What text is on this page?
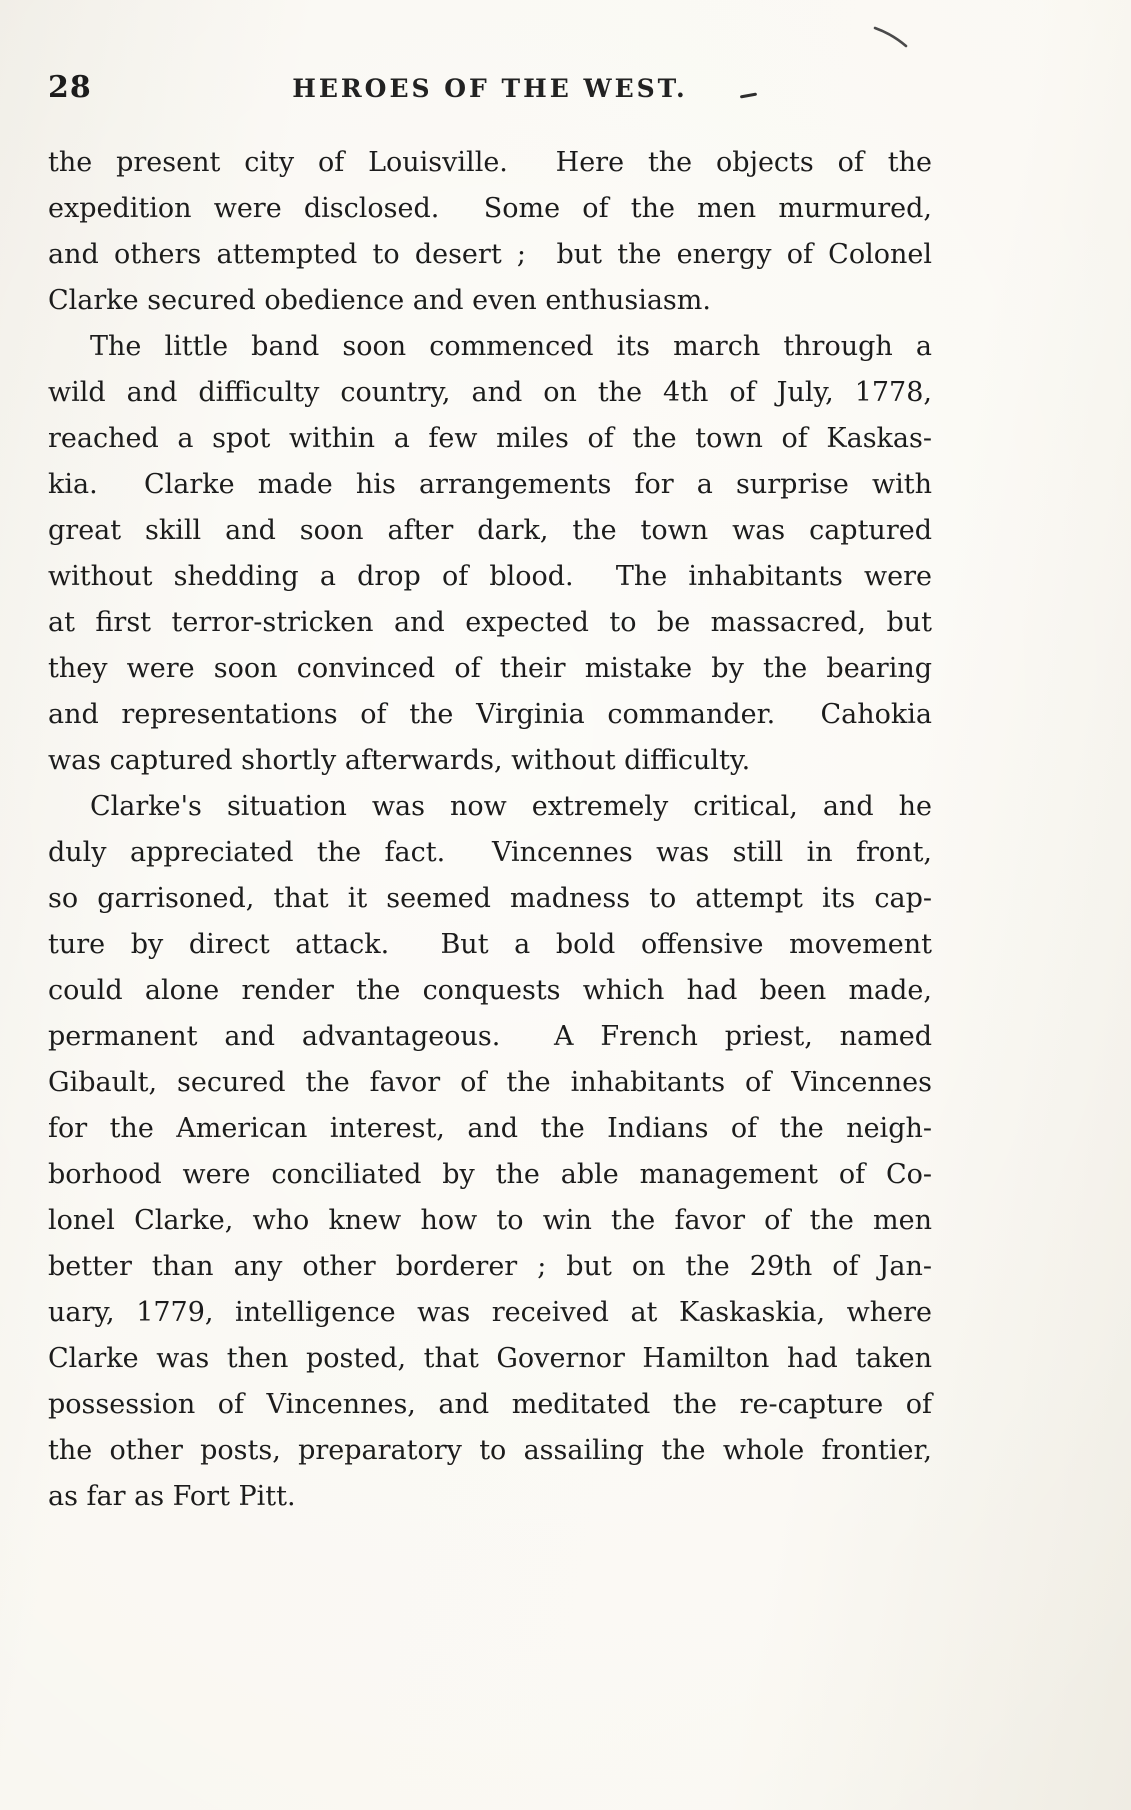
28	HEROES OF THE WEST.
the present city of Louisville.  Here the objects of the
expedition were disclosed.  Some of the men murmured,
and others attempted to desert ;  but the energy of Colonel
Clarke secured obedience and even enthusiasm.
The little band soon commenced its march through a
wild and difficulty country, and on the 4th of July, 1778,
reached a spot within a few miles of the town of Kaskas-
kia.  Clarke made his arrangements for a surprise with
great skill and soon after dark, the town was captured
without shedding a drop of blood.  The inhabitants were
at first terror-stricken and expected to be massacred, but
they were soon convinced of their mistake by the bearing
and representations of the Virginia commander.  Cahokia
was captured shortly afterwards, without difficulty.
Clarke's situation was now extremely critical, and he
duly appreciated the fact.  Vincennes was still in front,
so garrisoned, that it seemed madness to attempt its cap-
ture by direct attack.  But a bold offensive movement
could alone render the conquests which had been made,
permanent and advantageous.  A French priest, named
Gibault, secured the favor of the inhabitants of Vincennes
for the American interest, and the Indians of the neigh-
borhood were conciliated by the able management of Co-
lonel Clarke, who knew how to win the favor of the men
better than any other borderer ; but on the 29th of Jan-
uary, 1779, intelligence was received at Kaskaskia, where
Clarke was then posted, that Governor Hamilton had taken
possession of Vincennes, and meditated the re-capture of
the other posts, preparatory to assailing the whole frontier,
as far as Fort Pitt.
